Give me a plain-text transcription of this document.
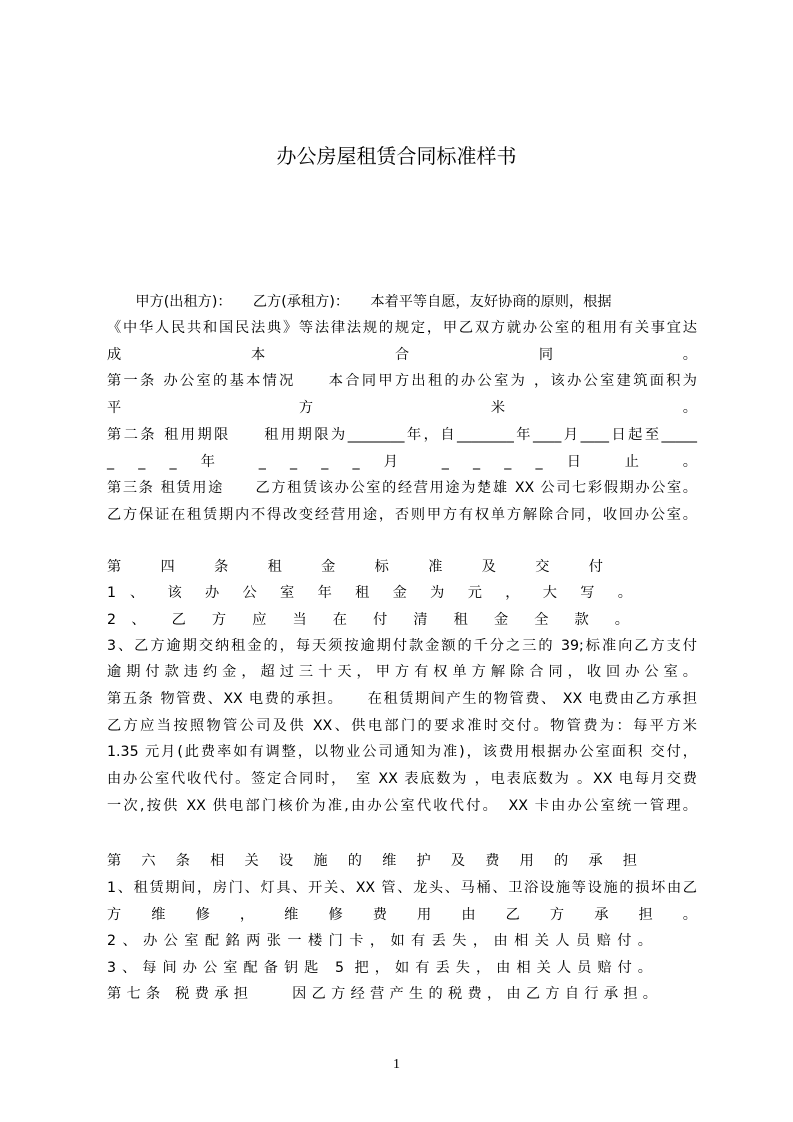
办公房屋租赁合同标准样书
　　甲方(出租方)：　　乙方(承租方)：　　本着平等自愿，友好协商的原则，根据
《中华人民共和国民法典》等法律法规的规定，甲乙双方就办公室的租用有关事宜达
成 本 合 同 。
第一条 办公室的基本情况　　本合同甲方出租的办公室为 ，该办公室建筑面积为
平 方 米 。
第二条 租用期限　　租用期限为________年，自________年____月____日起至_____
_ _ _ 年 _ _ _ _ 月 _ _ _ _ 日 止 。
第三条 租赁用途　　乙方租赁该办公室的经营用途为楚雄 XX 公司七彩假期办公室。
乙方保证在租赁期内不得改变经营用途，否则甲方有权单方解除合同，收回办公室。
第 四 条 租 金 标 准 及 交 付
1 、 该 办 公 室 年 租 金 为 元 ， 大 写 。
2 、 乙 方 应 当 在 付 清 租 金 全 款 。
3、乙方逾期交纳租金的，每天须按逾期付款金额的千分之三的 39;标准向乙方支付
逾期付款违约金，超过三十天，甲方有权单方解除合同，收回办公室。
第五条 物管费、XX 电费的承担。　　在租赁期间产生的物管费、 XX 电费由乙方承担
乙方应当按照物管公司及供 XX、供电部门的要求准时交付。物管费为：每平方米
1.35 元月(此费率如有调整，以物业公司通知为准)，该费用根据办公室面积 交付，
由办公室代收代付。签定合同时，　室 XX 表底数为 ，电表底数为 。XX 电每月交费
一次,按供 XX 供电部门核价为准,由办公室代收代付。　XX 卡由办公室统一管理。
第 六 条 相 关 设 施 的 维 护 及 费 用 的 承 担
1、租赁期间，房门、灯具、开关、XX 管、龙头、马桶、卫浴设施等设施的损坏由乙
方 维 修 ， 维 修 费 用 由 乙 方 承 担 。
2、办公室配銘两张一楼门卡，如有丢失，由相关人员赔付。
3、每间办公室配备钥匙 5 把，如有丢失，由相关人员赔付。
第七条 税费承担　　因乙方经营产生的税费，由乙方自行承担。
1
